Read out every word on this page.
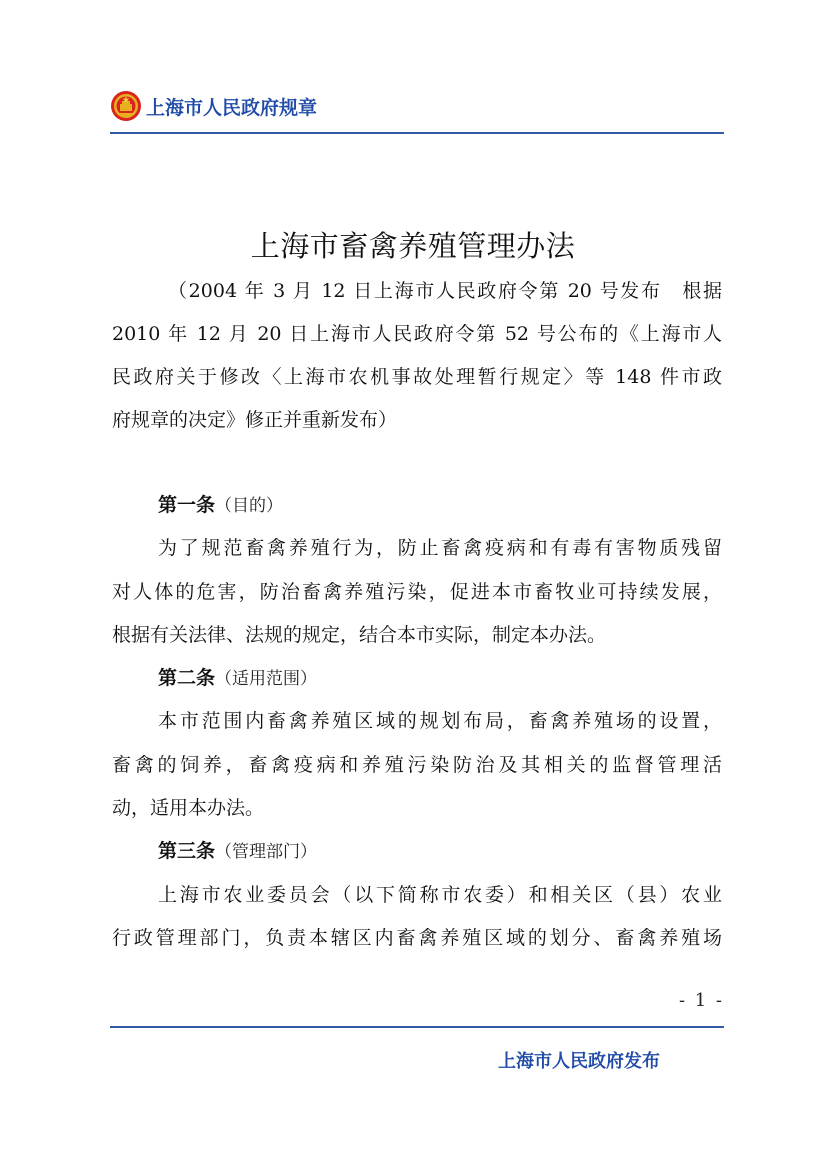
上海市人民政府规章
上海市畜禽养殖管理办法
（2004 年 3 月 12 日上海市人民政府令第 20 号发布　根据
2010 年 12 月 20 日上海市人民政府令第 52 号公布的《上海市人
民政府关于修改〈上海市农机事故处理暂行规定〉等 148 件市政
府规章的决定》修正并重新发布）
第一条（目的）
为了规范畜禽养殖行为，防止畜禽疫病和有毒有害物质残留
对人体的危害，防治畜禽养殖污染，促进本市畜牧业可持续发展，
根据有关法律、法规的规定，结合本市实际，制定本办法。
第二条（适用范围）
本市范围内畜禽养殖区域的规划布局，畜禽养殖场的设置，
畜禽的饲养，畜禽疫病和养殖污染防治及其相关的监督管理活
动，适用本办法。
第三条（管理部门）
上海市农业委员会（以下简称市农委）和相关区（县）农业
行政管理部门，负责本辖区内畜禽养殖区域的划分、畜禽养殖场
- 1 -
上海市人民政府发布
